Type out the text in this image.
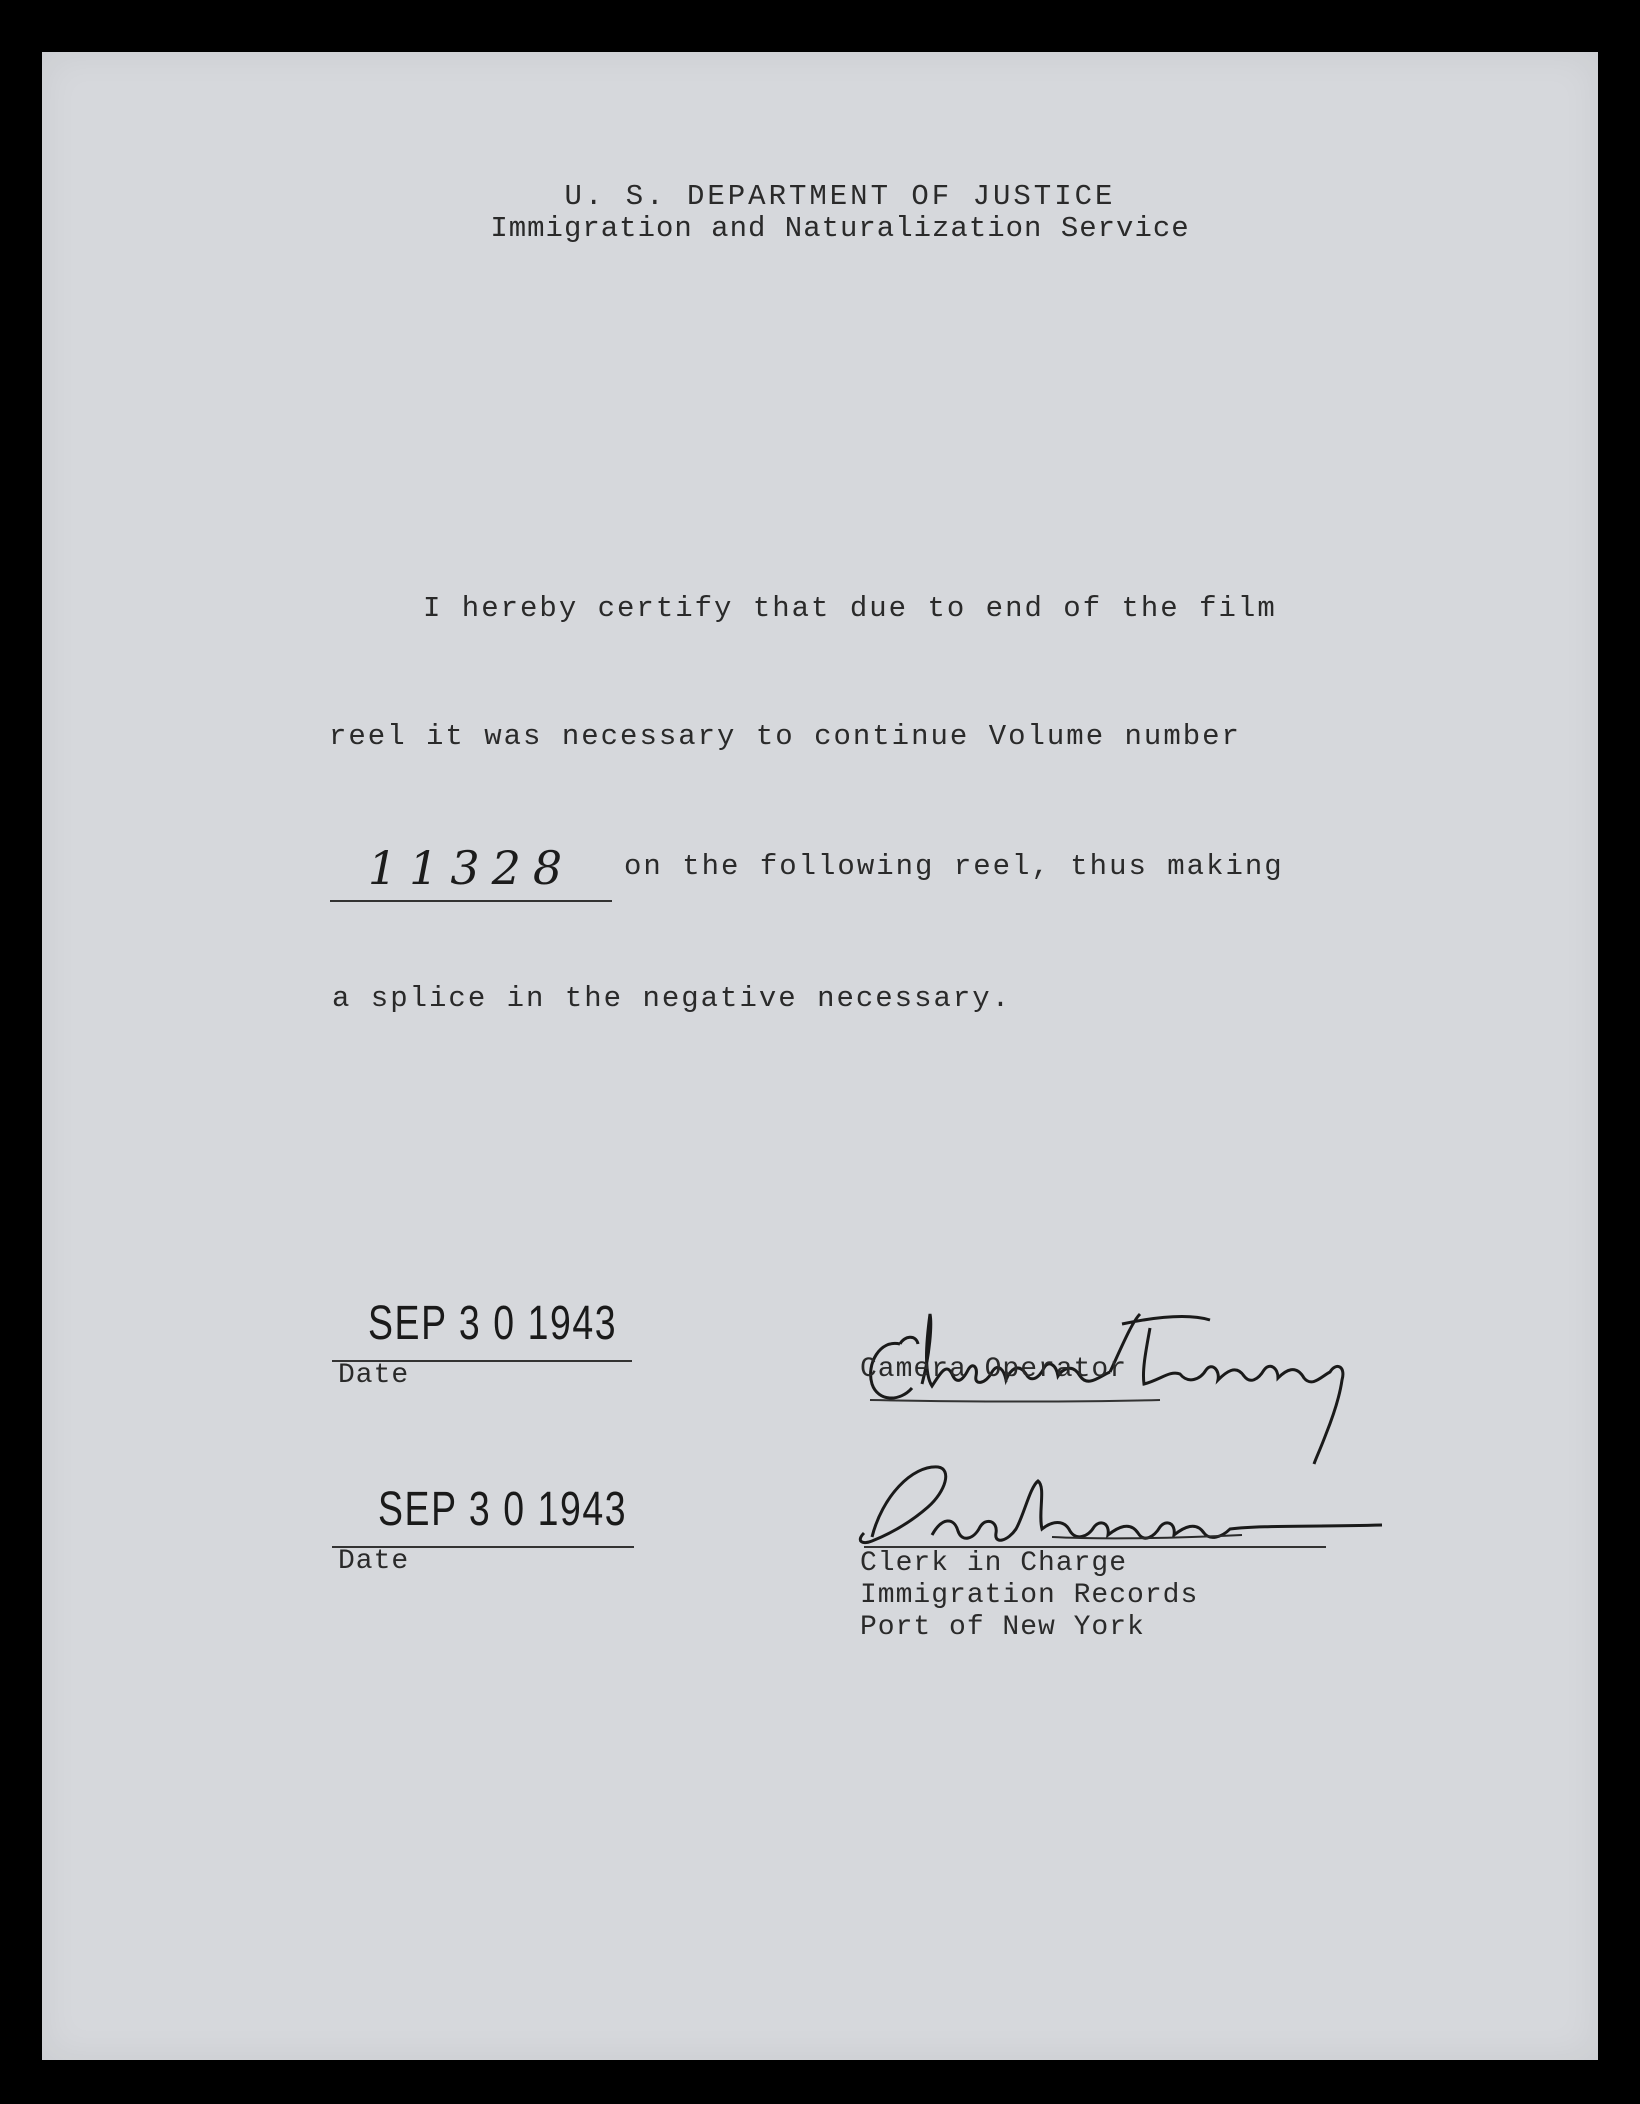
U. S. DEPARTMENT OF JUSTICE
Immigration and Naturalization Service
I hereby certify that due to end of the film
reel it was necessary to continue Volume number
11328	on the following reel, thus making
a splice in the negative necessary.
SEP 3 0 1943
Date	Camera Operator
SEP 3 0 1943
Date	Clerk in Charge
Immigration Records
Port of New York
